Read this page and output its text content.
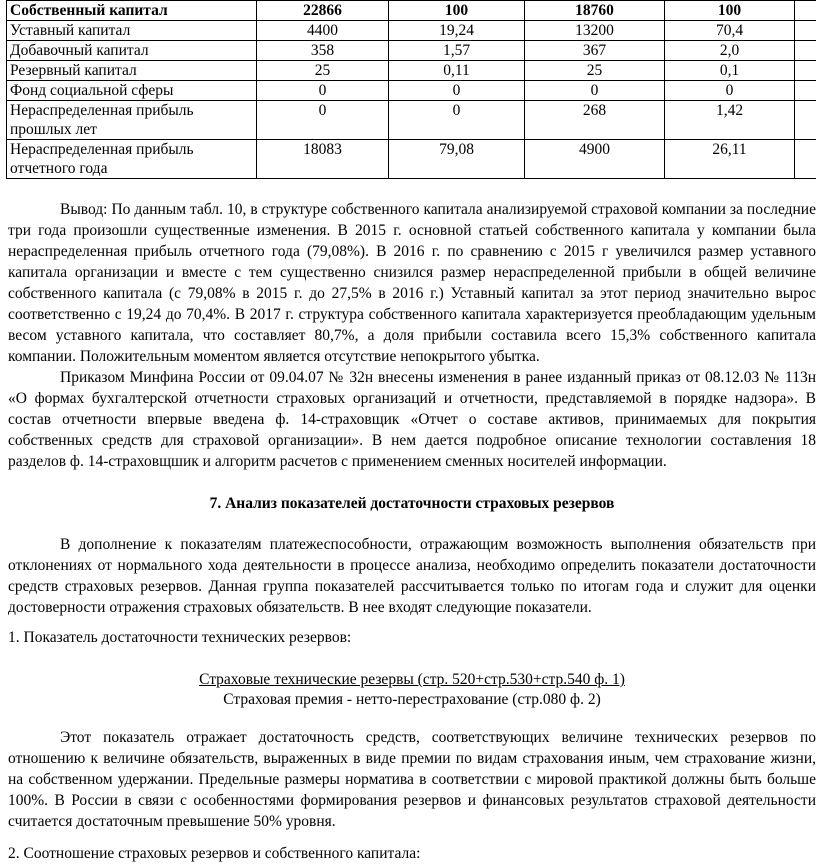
Собственный капитал	22866	100	18760	100	
Уставный капитал	4400	19,24	13200	70,4	
Добавочный капитал	358	1,57	367	2,0	
Резервный капитал	25	0,11	25	0,1	
Фонд социальной сферы	0	0	0	0	
Нераспределенная прибыль прошлых лет	0	0	268	1,42	
Нераспределенная прибыль отчетного года	18083	79,08	4900	26,11	

Вывод: По данным табл. 10, в структуре собственного капитала анализируемой страховой компании за последние три года произошли существенные изменения. В 2015 г. основной статьей собственного капитала у компании была нераспределенная прибыль отчетного года (79,08%). В 2016 г. по сравнению с 2015 г увеличился размер уставного капитала организации и вместе с тем существенно снизился размер нераспределенной прибыли в общей величине собственного капитала (с 79,08% в 2015 г. до 27,5% в 2016 г.) Уставный капитал за этот период значительно вырос соответственно с 19,24 до 70,4%. В 2017 г. структура собственного капитала характеризуется преобладающим удельным весом уставного капитала, что составляет 80,7%, а доля прибыли составила всего 15,3% собственного капитала компании. Положительным моментом является отсутствие непокрытого убытка.

Приказом Минфина России от 09.04.07 № 32н внесены изменения в ранее изданный приказ от 08.12.03 № 113н «О формах бухгалтерской отчетности страховых организаций и отчетности, представляемой в порядке надзора». В состав отчетности впервые введена ф. 14-страховщик «Отчет о составе активов, принимаемых для покрытия собственных средств для страховой организации». В нем дается подробное описание технологии составления 18 разделов ф. 14-страховщшик и алгоритм расчетов с применением сменных носителей информации.

7. Анализ показателей достаточности страховых резервов

В дополнение к показателям платежеспособности, отражающим возможность выполнения обязательств при отклонениях от нормального хода деятельности в процессе анализа, необходимо определить показатели достаточности средств страховых резервов. Данная группа показателей рассчитывается только по итогам года и служит для оценки достоверности отражения страховых обязательств. В нее входят следующие показатели.

1. Показатель достаточности технических резервов:
Страховые технические резервы (стр. 520+стр.530+стр.540 ф. 1)
Страховая премия - нетто-перестрахование (стр.080 ф. 2)

Этот показатель отражает достаточность средств, соответствующих величине технических резервов по отношению к величине обязательств, выраженных в виде премии по видам страхования иным, чем страхование жизни, на собственном удержании. Предельные размеры норматива в соответствии с мировой практикой должны быть больше 100%. В России в связи с особенностями формирования резервов и финансовых результатов страховой деятельности считается достаточным превышение 50% уровня.

2. Соотношение страховых резервов и собственного капитала:
